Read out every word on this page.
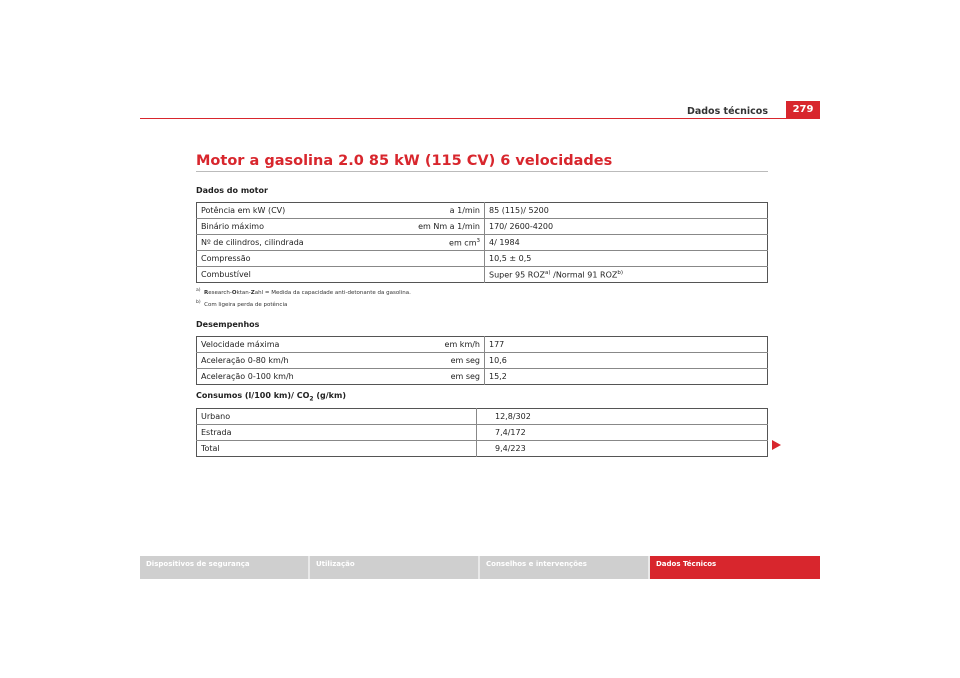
Dados técnicos	279
Motor a gasolina 2.0 85 kW (115 CV) 6 velocidades
Dados do motor
Potência em kW (CV)	a 1/min	85 (115)/ 5200
Binário máximo	em Nm a 1/min	170/ 2600-4200
Nº de cilindros, cilindrada	em $cm^3$	4/ 1984
Compressão		10,5 ± 0,5
Combustível		Super 95 ROZ$^{a)}$ /Normal 91 ROZ$^{b)}$
$^{a)}$ Research-Oktan-Zahl = Medida da capacidade anti-detonante da gasolina.
$^{b)}$ Com ligeira perda de potência
Desempenhos
Velocidade máxima	em km/h	177
Aceleração 0-80 km/h	em seg	10,6
Aceleração 0-100 km/h	em seg	15,2
Consumos (l/100 km)/ $CO_2$ (g/km)
Urbano	12,8/302
Estrada	7,4/172
Total	9,4/223
Dispositivos de segurança	Utilização	Conselhos e intervenções	Dados Técnicos
